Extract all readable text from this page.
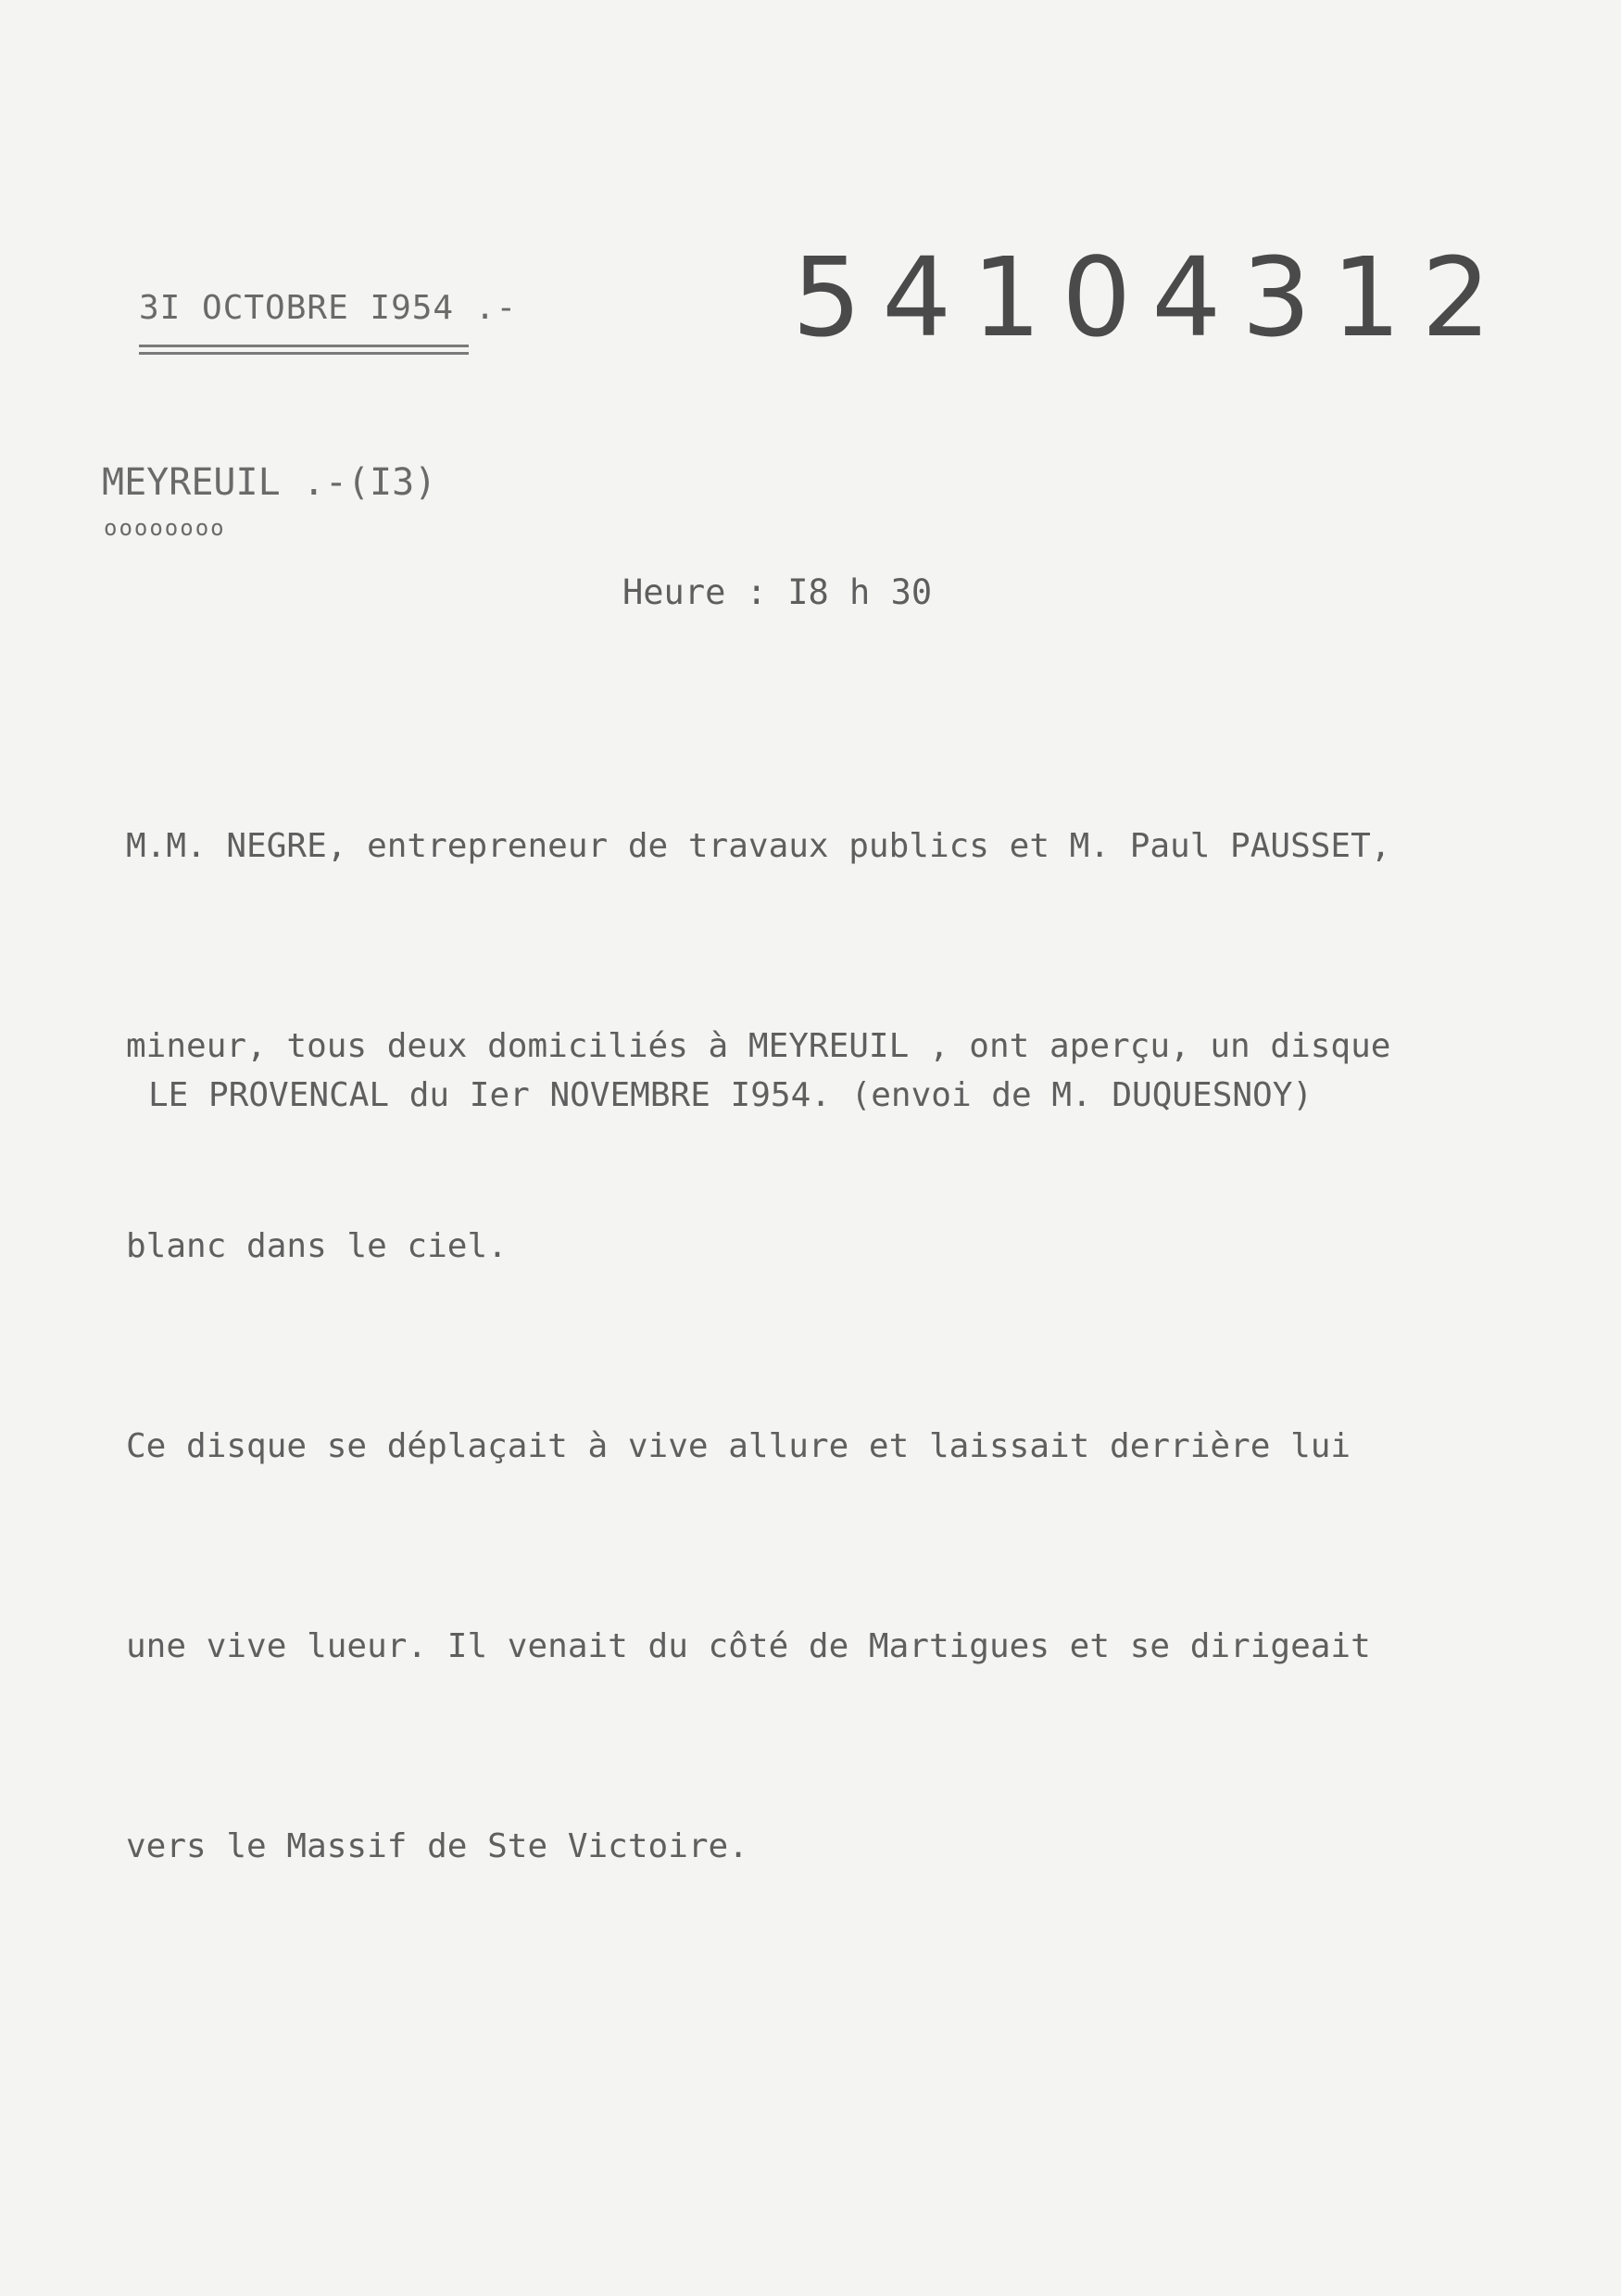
3I OCTOBRE I954 .-	54104312
MEYREUIL .-(I3)
oooooooo
Heure : I8 h 30

M.M. NEGRE, entrepreneur de travaux publics et M. Paul PAUSSET,

mineur, tous deux domiciliés à MEYREUIL , ont aperçu, un disque

blanc dans le ciel.

Ce disque se déplaçait à vive allure et laissait derrière lui

une vive lueur. Il venait du côté de Martigues et se dirigeait

vers le Massif de Ste Victoire.

LE PROVENCAL du Ier NOVEMBRE I954. (envoi de M. DUQUESNOY)
